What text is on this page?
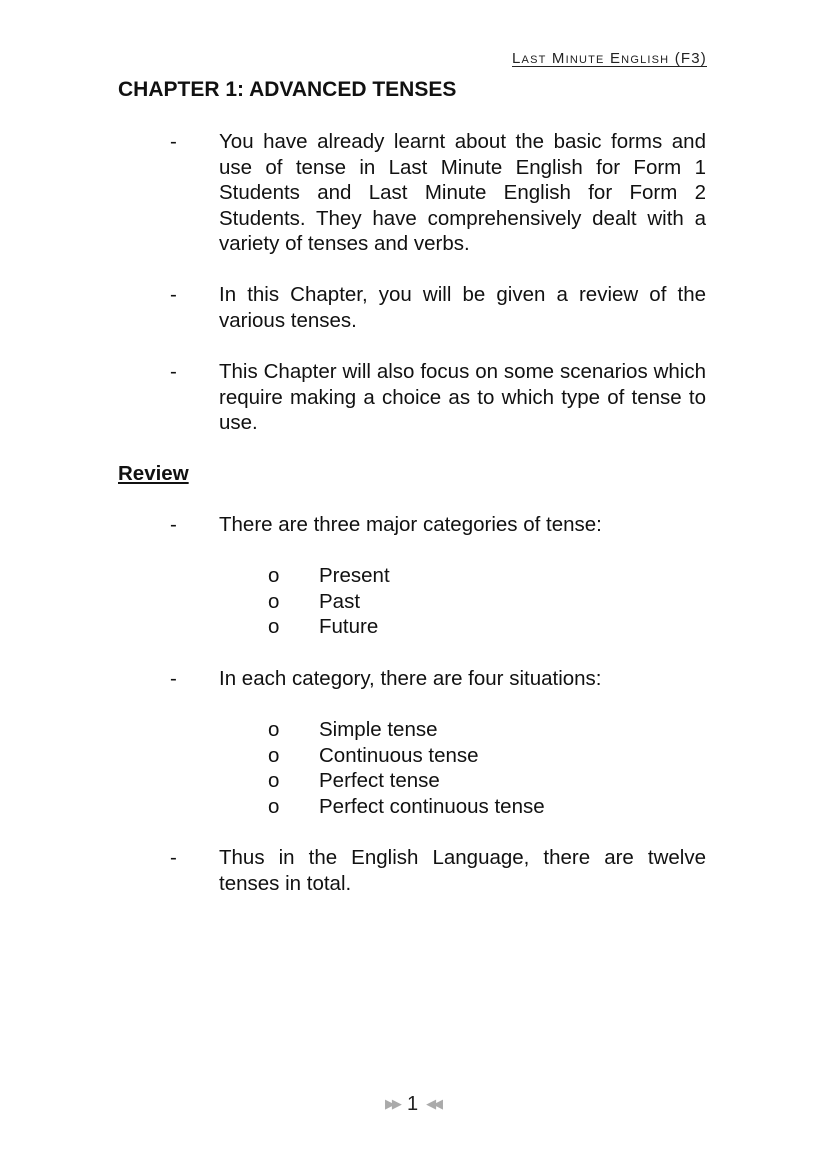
Last Minute English (F3)
CHAPTER 1: ADVANCED TENSES
- You have already learnt about the basic forms and use of tense in Last Minute English for Form 1 Students and Last Minute English for Form 2 Students. They have comprehensively dealt with a variety of tenses and verbs.
- In this Chapter, you will be given a review of the various tenses.
- This Chapter will also focus on some scenarios which require making a choice as to which type of tense to use.
Review
- There are three major categories of tense:
o Present
o Past
o Future
- In each category, there are four situations:
o Simple tense
o Continuous tense
o Perfect tense
o Perfect continuous tense
- Thus in the English Language, there are twelve tenses in total.
▶▶ 1 ◀◀
